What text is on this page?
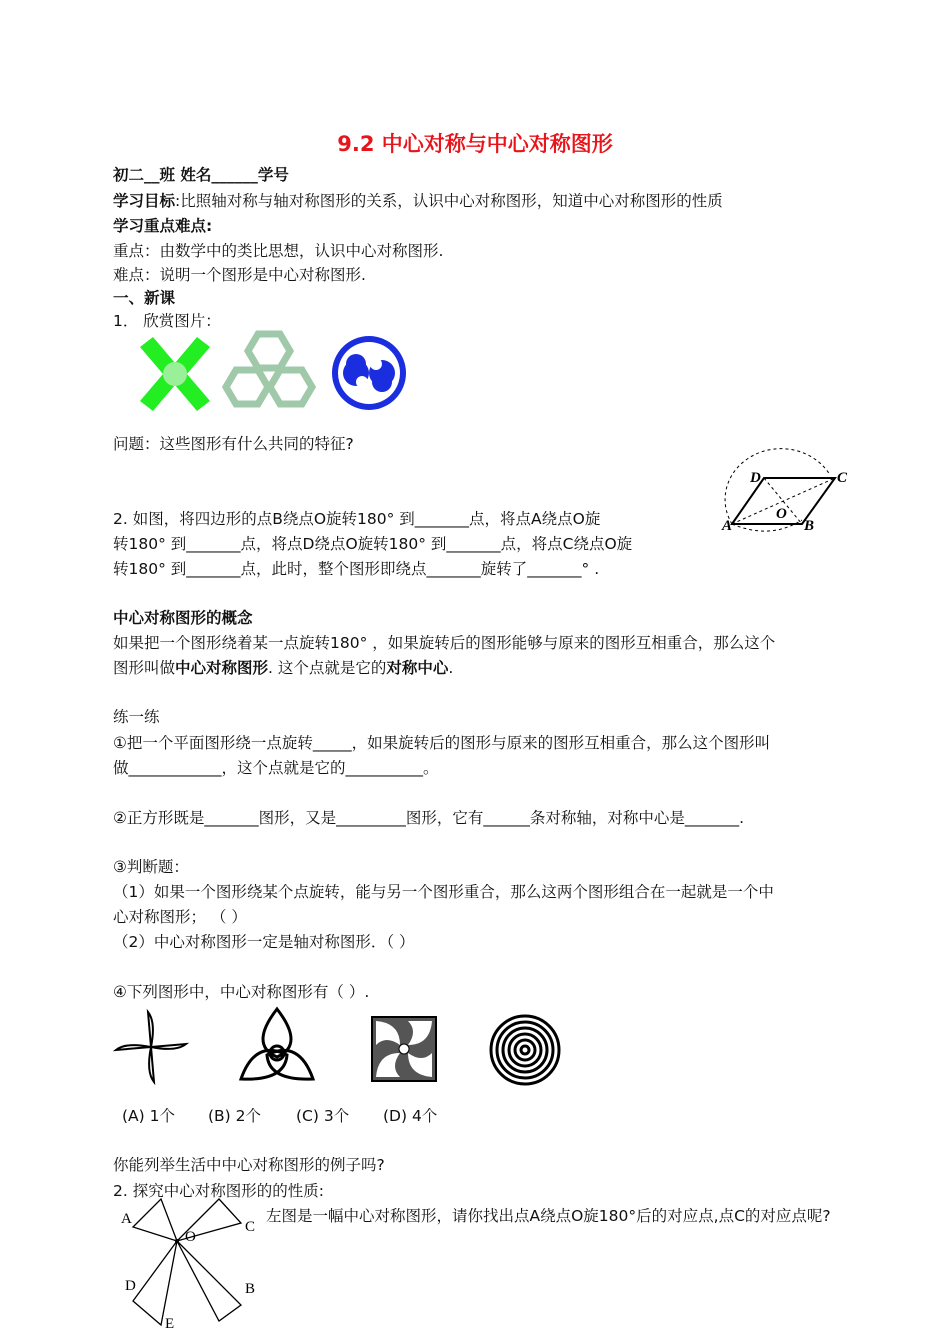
9.2 中心对称与中心对称图形
初二__班 姓名______学号
学习目标:比照轴对称与轴对称图形的关系，认识中心对称图形，知道中心对称图形的性质
学习重点难点:
重点：由数学中的类比思想，认识中心对称图形.
难点：说明一个图形是中心对称图形.
一、新课
1． 欣赏图片：
问题：这些图形有什么共同的特征?
D	C
A
O
B
2. 如图，将四边形的点B绕点O旋转180° 到_______点，将点A绕点O旋
转180° 到_______点，将点D绕点O旋转180° 到_______点，将点C绕点O旋
转180° 到_______点，此时，整个图形即绕点_______旋转了_______° .
中心对称图形的概念
如果把一个图形绕着某一点旋转180° ，如果旋转后的图形能够与原来的图形互相重合，那么这个
图形叫做中心对称图形. 这个点就是它的对称中心.
练一练
①把一个平面图形绕一点旋转_____，如果旋转后的图形与原来的图形互相重合，那么这个图形叫
做____________，这个点就是它的__________。
②正方形既是_______图形，又是_________图形，它有______条对称轴，对称中心是_______.
③判断题：
（1）如果一个图形绕某个点旋转，能与另一个图形重合，那么这两个图形组合在一起就是一个中
心对称图形； （ ）
（2）中心对称图形一定是轴对称图形．（ ）
④下列图形中，中心对称图形有（ ）.
(A) 1个 (B) 2个 (C) 3个 (D) 4个
你能列举生活中中心对称图形的例子吗?
2. 探究中心对称图形的的性质:
A	C
O
D	B
E
左图是一幅中心对称图形，请你找出点A绕点O旋180°后的对应点,点C的对应点呢?
